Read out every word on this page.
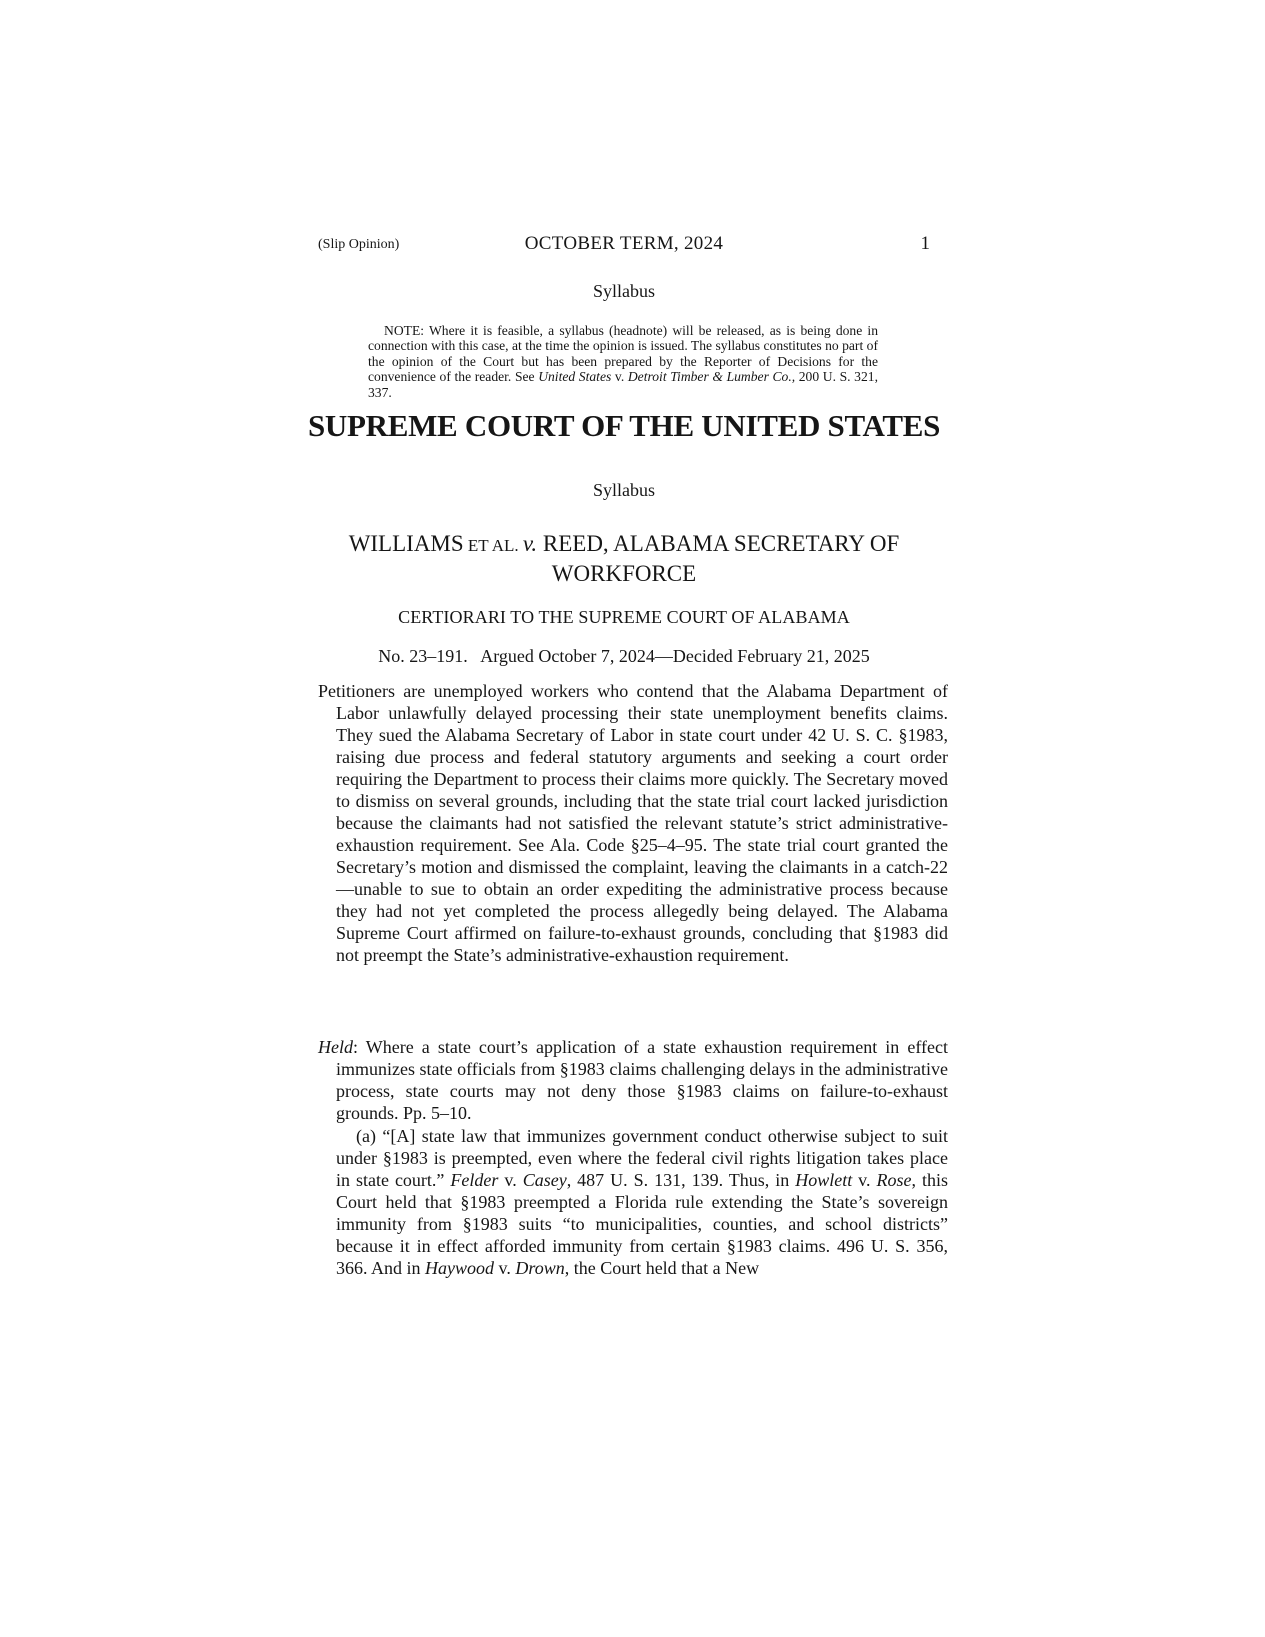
(Slip Opinion)	OCTOBER TERM, 2024	1
Syllabus

NOTE: Where it is feasible, a syllabus (headnote) will be released, as is being done in connection with this case, at the time the opinion is issued. The syllabus constitutes no part of the opinion of the Court but has been prepared by the Reporter of Decisions for the convenience of the reader. See United States v. Detroit Timber & Lumber Co., 200 U. S. 321, 337.

SUPREME COURT OF THE UNITED STATES
Syllabus
WILLIAMS ET AL. v. REED, ALABAMA SECRETARY OF WORKFORCE
CERTIORARI TO THE SUPREME COURT OF ALABAMA
No. 23–191.   Argued October 7, 2024—Decided February 21, 2025

Petitioners are unemployed workers who contend that the Alabama Department of Labor unlawfully delayed processing their state unemployment benefits claims. They sued the Alabama Secretary of Labor in state court under 42 U. S. C. §1983, raising due process and federal statutory arguments and seeking a court order requiring the Department to process their claims more quickly. The Secretary moved to dismiss on several grounds, including that the state trial court lacked jurisdiction because the claimants had not satisfied the relevant statute’s strict administrative-exhaustion requirement. See Ala. Code §25–4–95. The state trial court granted the Secretary’s motion and dismissed the complaint, leaving the claimants in a catch-22—unable to sue to obtain an order expediting the administrative process because they had not yet completed the process allegedly being delayed. The Alabama Supreme Court affirmed on failure-to-exhaust grounds, concluding that §1983 did not preempt the State’s administrative-exhaustion requirement.

Held: Where a state court’s application of a state exhaustion requirement in effect immunizes state officials from §1983 claims challenging delays in the administrative process, state courts may not deny those §1983 claims on failure-to-exhaust grounds. Pp. 5–10.

(a) “[A] state law that immunizes government conduct otherwise subject to suit under §1983 is preempted, even where the federal civil rights litigation takes place in state court.” Felder v. Casey, 487 U. S. 131, 139. Thus, in Howlett v. Rose, this Court held that §1983 preempted a Florida rule extending the State’s sovereign immunity from §1983 suits “to municipalities, counties, and school districts” because it in effect afforded immunity from certain §1983 claims. 496 U. S. 356, 366. And in Haywood v. Drown, the Court held that a New
